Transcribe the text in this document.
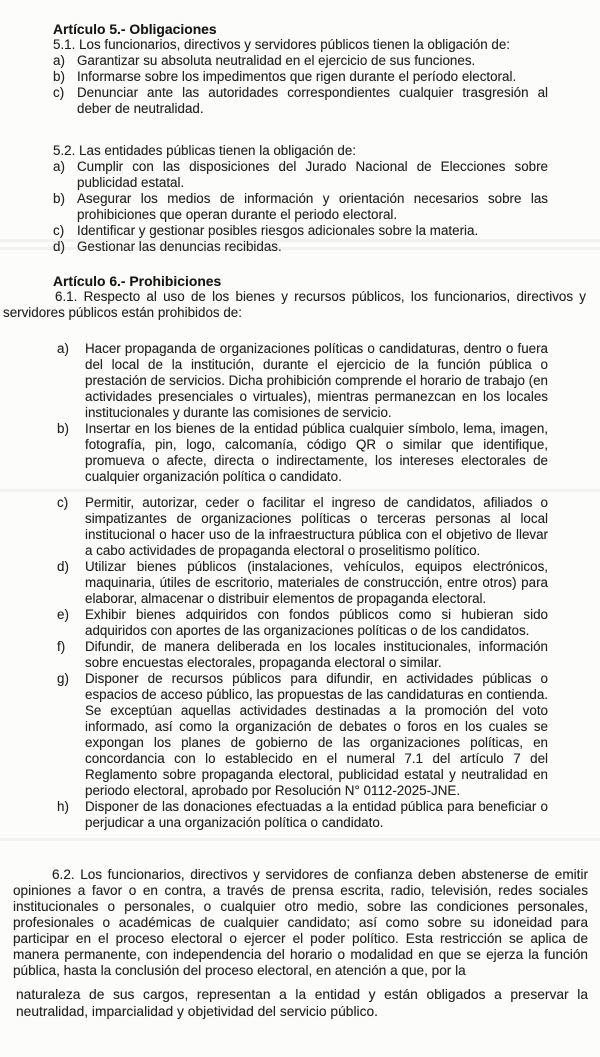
Artículo 5.- Obligaciones
5.1. Los funcionarios, directivos y servidores públicos tienen la obligación de:
a) Garantizar su absoluta neutralidad en el ejercicio de sus funciones.
b) Informarse sobre los impedimentos que rigen durante el período electoral.
c) Denunciar ante las autoridades correspondientes cualquier trasgresión al deber de neutralidad.
5.2. Las entidades públicas tienen la obligación de:
a) Cumplir con las disposiciones del Jurado Nacional de Elecciones sobre publicidad estatal.
b) Asegurar los medios de información y orientación necesarios sobre las prohibiciones que operan durante el periodo electoral.
c) Identificar y gestionar posibles riesgos adicionales sobre la materia.
d) Gestionar las denuncias recibidas.
Artículo 6.- Prohibiciones
6.1. Respecto al uso de los bienes y recursos públicos, los funcionarios, directivos y servidores públicos están prohibidos de:
a)	Hacer propaganda de organizaciones políticas o candidaturas, dentro o fuera del local de la institución, durante el ejercicio de la función pública o prestación de servicios. Dicha prohibición comprende el horario de trabajo (en actividades presenciales o virtuales), mientras permanezcan en los locales institucionales y durante las comisiones de servicio.
b)	Insertar en los bienes de la entidad pública cualquier símbolo, lema, imagen, fotografía, pin, logo, calcomanía, código QR o similar que identifique, promueva o afecte, directa o indirectamente, los intereses electorales de cualquier organización política o candidato.
c)	Permitir, autorizar, ceder o facilitar el ingreso de candidatos, afiliados o simpatizantes de organizaciones políticas o terceras personas al local institucional o hacer uso de la infraestructura pública con el objetivo de llevar a cabo actividades de propaganda electoral o proselitismo político.
d)	Utilizar bienes públicos (instalaciones, vehículos, equipos electrónicos, maquinaria, útiles de escritorio, materiales de construcción, entre otros) para elaborar, almacenar o distribuir elementos de propaganda electoral.
e)	Exhibir bienes adquiridos con fondos públicos como si hubieran sido adquiridos con aportes de las organizaciones políticas o de los candidatos.
f)	Difundir, de manera deliberada en los locales institucionales, información sobre encuestas electorales, propaganda electoral o similar.
g)	Disponer de recursos públicos para difundir, en actividades públicas o espacios de acceso público, las propuestas de las candidaturas en contienda. Se exceptúan aquellas actividades destinadas a la promoción del voto informado, así como la organización de debates o foros en los cuales se expongan los planes de gobierno de las organizaciones políticas, en concordancia con lo establecido en el numeral 7.1 del artículo 7 del Reglamento sobre propaganda electoral, publicidad estatal y neutralidad en periodo electoral, aprobado por Resolución N° 0112-2025-JNE.
h)	Disponer de las donaciones efectuadas a la entidad pública para beneficiar o perjudicar a una organización política o candidato.
6.2. Los funcionarios, directivos y servidores de confianza deben abstenerse de emitir opiniones a favor o en contra, a través de prensa escrita, radio, televisión, redes sociales institucionales o personales, o cualquier otro medio, sobre las condiciones personales, profesionales o académicas de cualquier candidato; así como sobre su idoneidad para participar en el proceso electoral o ejercer el poder político. Esta restricción se aplica de manera permanente, con independencia del horario o modalidad en que se ejerza la función pública, hasta la conclusión del proceso electoral, en atención a que, por la
naturaleza de sus cargos, representan a la entidad y están obligados a preservar la neutralidad, imparcialidad y objetividad del servicio público.
